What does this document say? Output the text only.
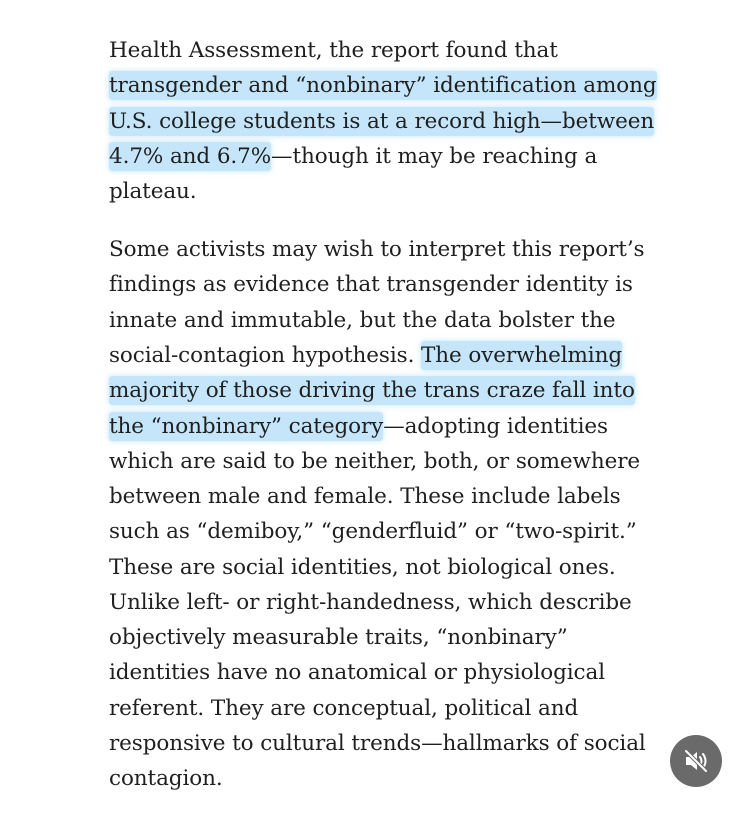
Health Assessment, the report found that
transgender and “nonbinary” identification among
U.S. college students is at a record high—between
4.7% and 6.7%—though it may be reaching a
plateau.
Some activists may wish to interpret this report’s
findings as evidence that transgender identity is
innate and immutable, but the data bolster the
social-contagion hypothesis. The overwhelming
majority of those driving the trans craze fall into
the “nonbinary” category—adopting identities
which are said to be neither, both, or somewhere
between male and female. These include labels
such as “demiboy,” “genderfluid” or “two-spirit.”
These are social identities, not biological ones.
Unlike left- or right-handedness, which describe
objectively measurable traits, “nonbinary”
identities have no anatomical or physiological
referent. They are conceptual, political and
responsive to cultural trends—hallmarks of social
contagion.
